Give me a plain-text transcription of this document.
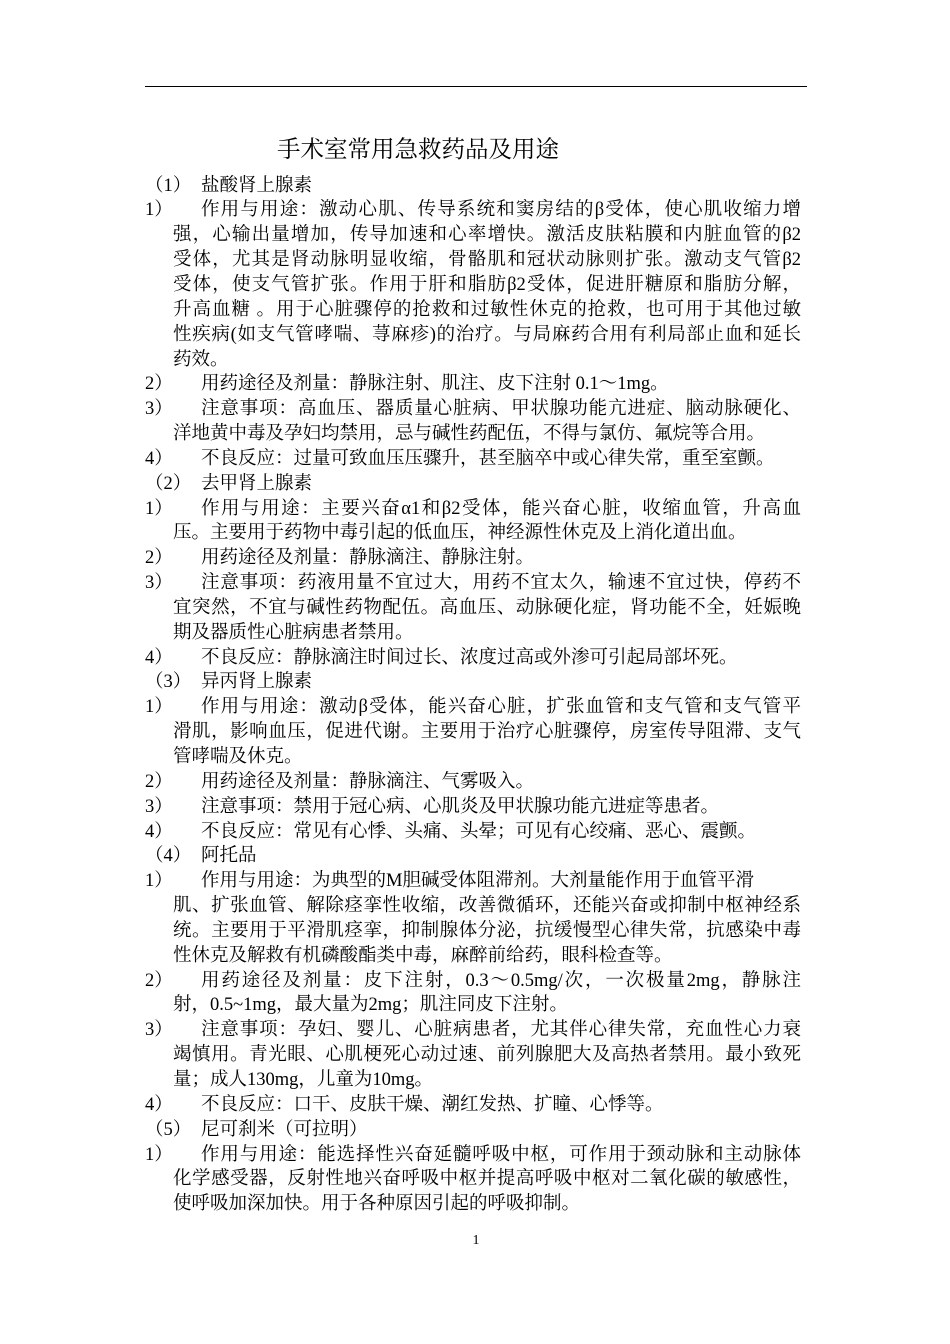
手术室常用急救药品及用途
（1） 盐酸肾上腺素
1）	作用与用途：激动心肌、传导系统和窦房结的β受体，使心肌收缩力增
强，心输出量增加，传导加速和心率增快。激活皮肤粘膜和内脏血管的β2
受体，尤其是肾动脉明显收缩，骨骼肌和冠状动脉则扩张。激动支气管β2
受体，使支气管扩张。作用于肝和脂肪β2受体，促进肝糖原和脂肪分解，
升高血糖 。用于心脏骤停的抢救和过敏性休克的抢救，也可用于其他过敏
性疾病(如支气管哮喘、荨麻疹)的治疗。与局麻药合用有利局部止血和延长
药效。
2）	用药途径及剂量：静脉注射、肌注、皮下注射 0.1～1mg。
3）	注意事项：高血压、器质量心脏病、甲状腺功能亢进症、脑动脉硬化、
洋地黄中毒及孕妇均禁用，忌与碱性药配伍，不得与氯仿、氟烷等合用。
4）	不良反应：过量可致血压压骤升，甚至脑卒中或心律失常，重至室颤。
（2） 去甲肾上腺素
1）	作用与用途：主要兴奋α1和β2受体，能兴奋心脏，收缩血管，升高血
压。主要用于药物中毒引起的低血压，神经源性休克及上消化道出血。
2）	用药途径及剂量：静脉滴注、静脉注射。
3）	注意事项：药液用量不宜过大，用药不宜太久，输速不宜过快，停药不
宜突然，不宜与碱性药物配伍。高血压、动脉硬化症，肾功能不全，妊娠晚
期及器质性心脏病患者禁用。
4）	不良反应：静脉滴注时间过长、浓度过高或外渗可引起局部坏死。
（3） 异丙肾上腺素
1）	作用与用途：激动β受体，能兴奋心脏，扩张血管和支气管和支气管平
滑肌，影响血压，促进代谢。主要用于治疗心脏骤停，房室传导阻滞、支气
管哮喘及休克。
2）	用药途径及剂量：静脉滴注、气雾吸入。
3）	注意事项：禁用于冠心病、心肌炎及甲状腺功能亢进症等患者。
4）	不良反应：常见有心悸、头痛、头晕；可见有心绞痛、恶心、震颤。
（4） 阿托品
1）	作用与用途：为典型的M胆碱受体阻滞剂。大剂量能作用于血管平滑
肌、扩张血管、解除痉挛性收缩，改善微循环，还能兴奋或抑制中枢神经系
统。主要用于平滑肌痉挛，抑制腺体分泌，抗缓慢型心律失常，抗感染中毒
性休克及解救有机磷酸酯类中毒，麻醉前给药，眼科检查等。
2）	用药途径及剂量：皮下注射，0.3～0.5mg/次，一次极量2mg，静脉注
射，0.5~1mg，最大量为2mg；肌注同皮下注射。
3）	注意事项：孕妇、婴儿、心脏病患者，尤其伴心律失常，充血性心力衰
竭慎用。青光眼、心肌梗死心动过速、前列腺肥大及高热者禁用。最小致死
量；成人130mg，儿童为10mg。
4）	不良反应：口干、皮肤干燥、潮红发热、扩瞳、心悸等。
（5） 尼可刹米（可拉明）
1）	作用与用途：能选择性兴奋延髓呼吸中枢，可作用于颈动脉和主动脉体
化学感受器，反射性地兴奋呼吸中枢并提高呼吸中枢对二氧化碳的敏感性，
使呼吸加深加快。用于各种原因引起的呼吸抑制。
1
